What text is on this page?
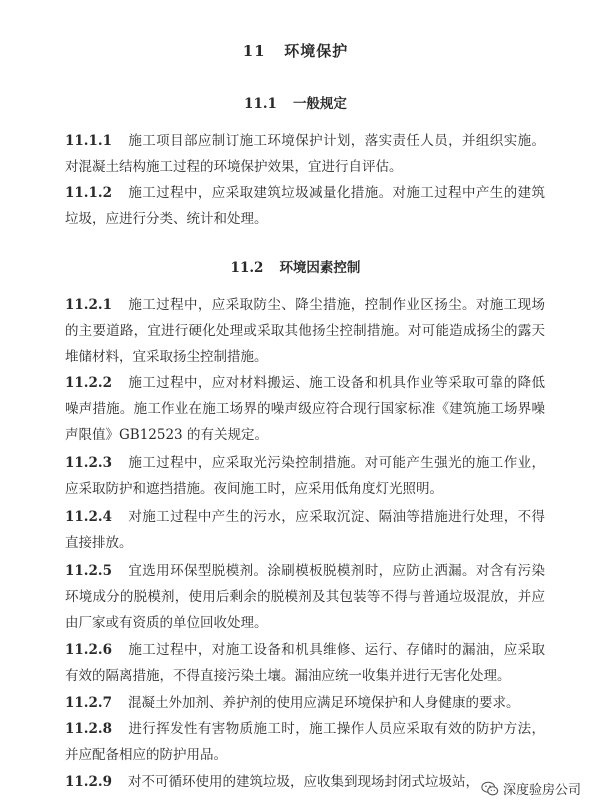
11 环境保护
11.1 一般规定
11.1.1 施工项目部应制订施工环境保护计划，落实责任人员，并组织实施。对混凝土结构施工过程的环境保护效果，宜进行自评估。
11.1.2 施工过程中，应采取建筑垃圾减量化措施。对施工过程中产生的建筑垃圾，应进行分类、统计和处理。
11.2 环境因素控制
11.2.1 施工过程中，应采取防尘、降尘措施，控制作业区扬尘。对施工现场的主要道路，宜进行硬化处理或采取其他扬尘控制措施。对可能造成扬尘的露天堆储材料，宜采取扬尘控制措施。
11.2.2 施工过程中，应对材料搬运、施工设备和机具作业等采取可靠的降低噪声措施。施工作业在施工场界的噪声级应符合现行国家标准《建筑施工场界噪声限值》GB12523 的有关规定。
11.2.3 施工过程中，应采取光污染控制措施。对可能产生强光的施工作业，应采取防护和遮挡措施。夜间施工时，应采用低角度灯光照明。
11.2.4 对施工过程中产生的污水，应采取沉淀、隔油等措施进行处理，不得直接排放。
11.2.5 宜选用环保型脱模剂。涂刷模板脱模剂时，应防止洒漏。对含有污染环境成分的脱模剂，使用后剩余的脱模剂及其包装等不得与普通垃圾混放，并应由厂家或有资质的单位回收处理。
11.2.6 施工过程中，对施工设备和机具维修、运行、存储时的漏油，应采取有效的隔离措施，不得直接污染土壤。漏油应统一收集并进行无害化处理。
11.2.7 混凝土外加剂、养护剂的使用应满足环境保护和人身健康的要求。
11.2.8 进行挥发性有害物质施工时，施工操作人员应采取有效的防护方法，并应配备相应的防护用品。
11.2.9 对不可循环使用的建筑垃圾，应收集到现场封闭式垃圾站，
深度验房公司
